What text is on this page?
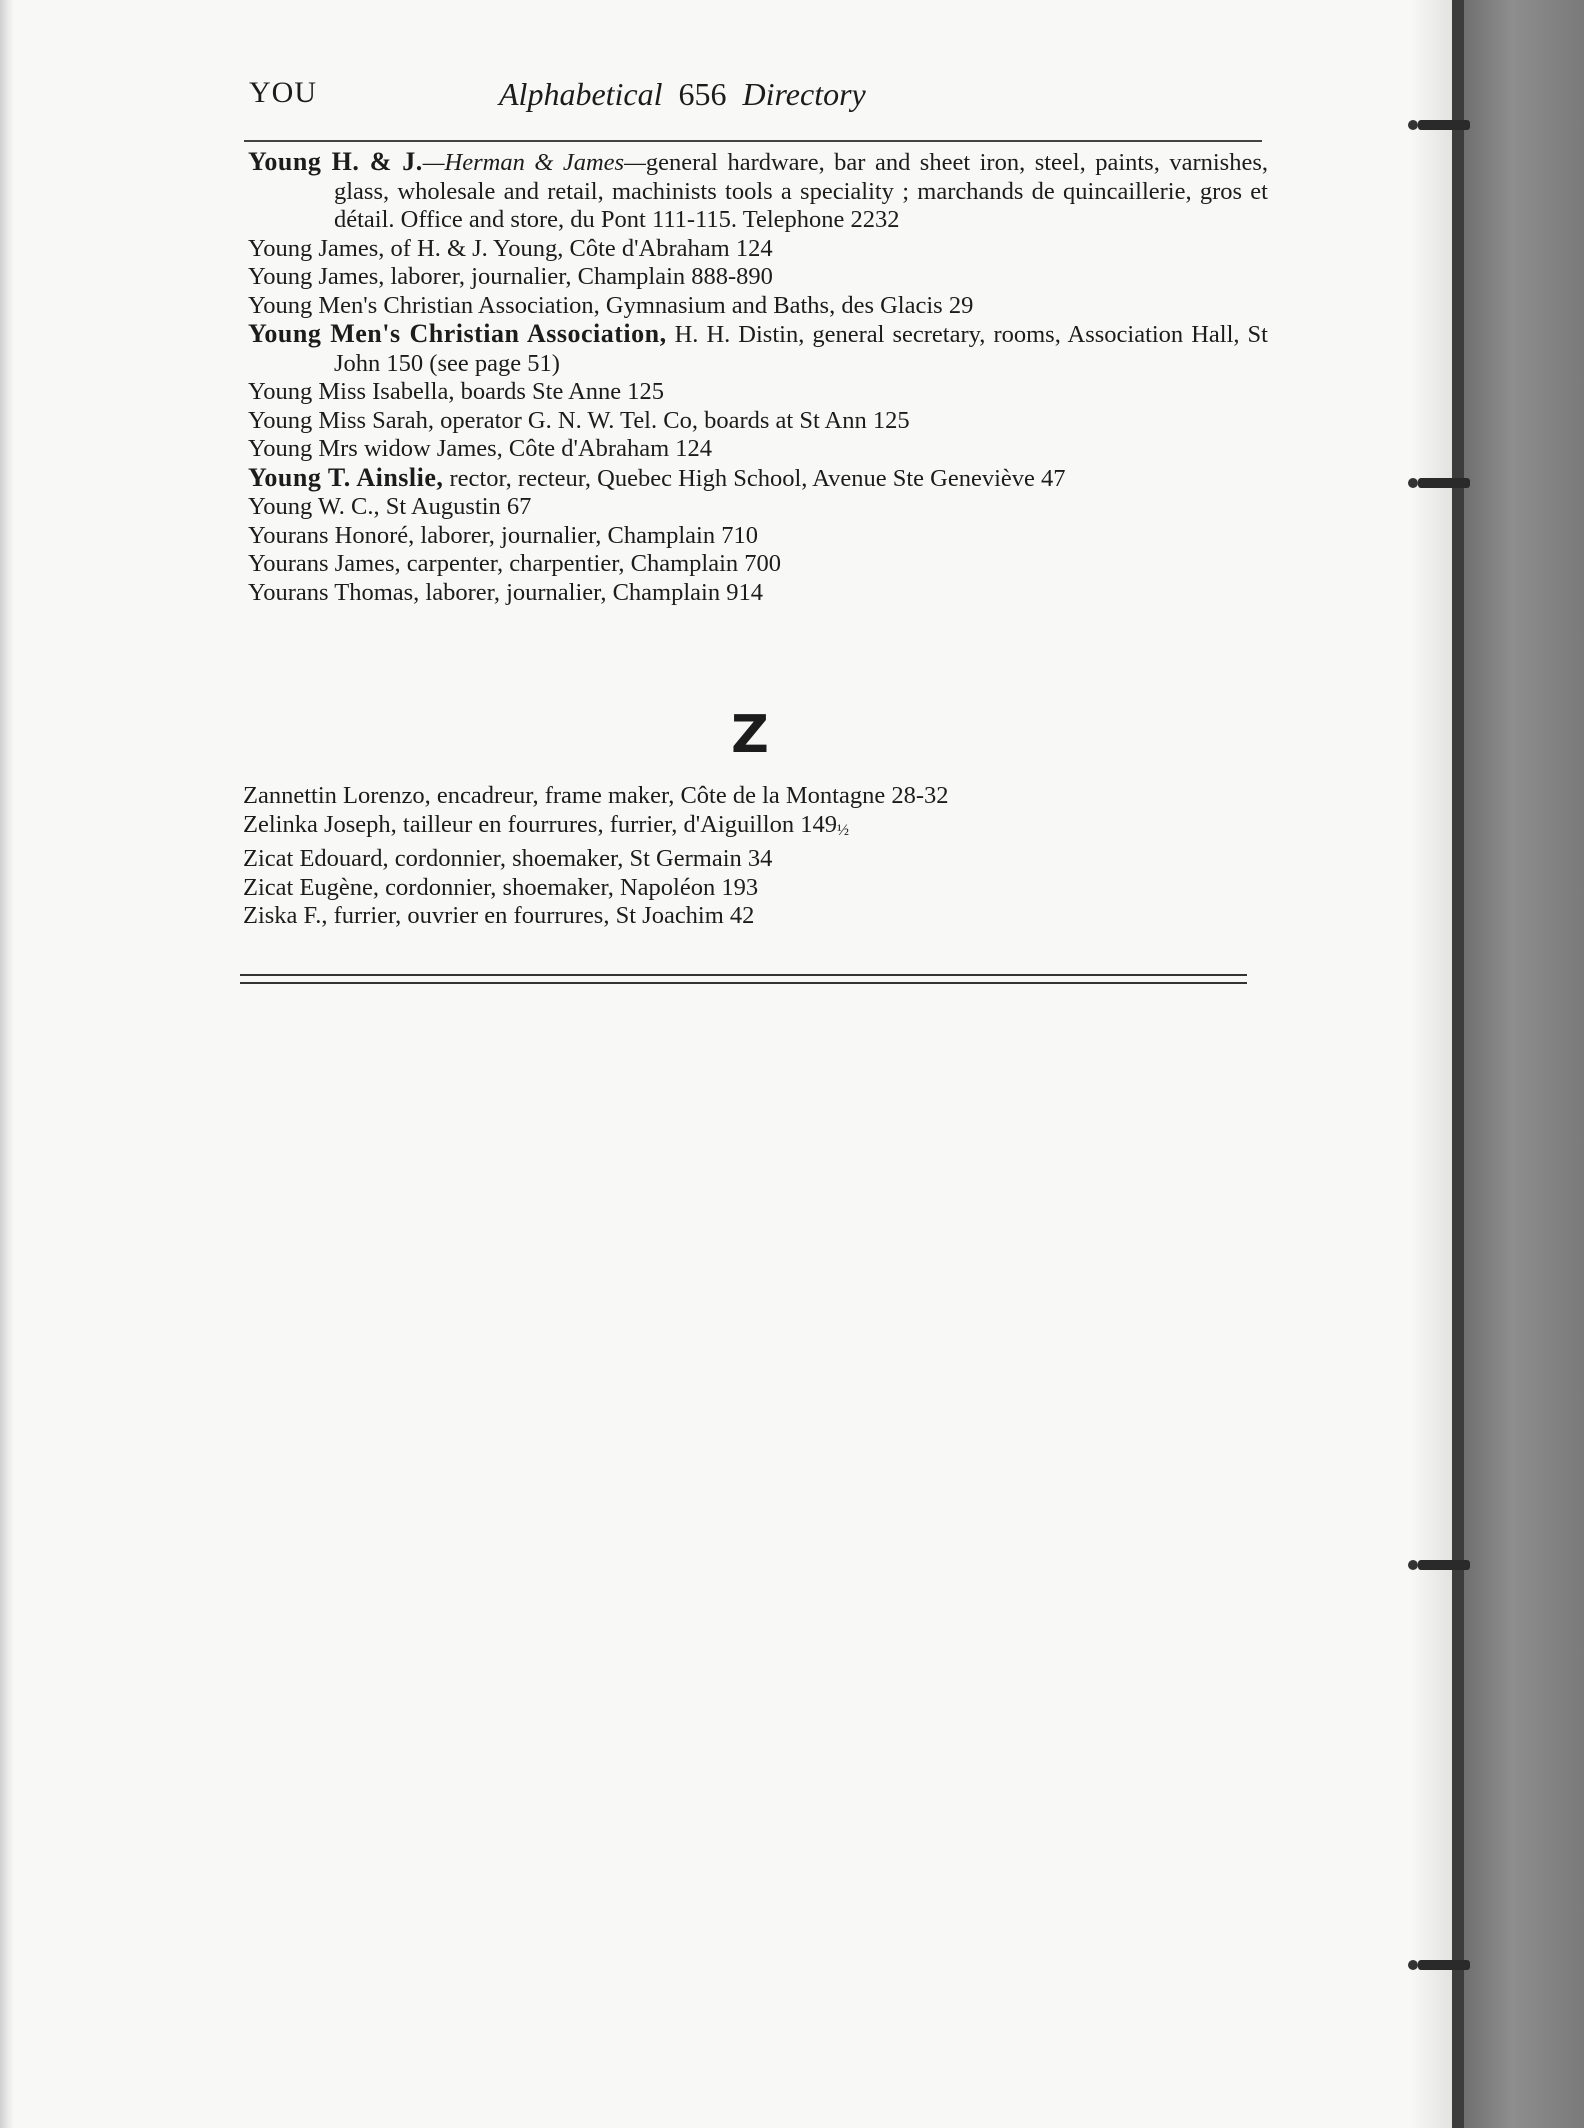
YOU	Alphabetical 656 Directory

Young H. & J.—Herman & James—general hardware, bar and sheet iron, steel, paints, varnishes, glass, wholesale and retail, machinists tools a speciality ; marchands de quincaillerie, gros et détail. Office and store, du Pont 111-115. Telephone 2232

Young James, of H. & J. Young, Côte d'Abraham 124

Young James, laborer, journalier, Champlain 888-890

Young Men's Christian Association, Gymnasium and Baths, des Glacis 29

Young Men's Christian Association, H. H. Distin, general secretary, rooms, Association Hall, St John 150 (see page 51)

Young Miss Isabella, boards Ste Anne 125

Young Miss Sarah, operator G. N. W. Tel. Co, boards at St Ann 125

Young Mrs widow James, Côte d'Abraham 124

Young T. Ainslie, rector, recteur, Quebec High School, Avenue Ste Geneviève 47

Young W. C., St Augustin 67

Yourans Honoré, laborer, journalier, Champlain 710

Yourans James, carpenter, charpentier, Champlain 700

Yourans Thomas, laborer, journalier, Champlain 914

Z

Zannettin Lorenzo, encadreur, frame maker, Côte de la Montagne 28-32

Zelinka Joseph, tailleur en fourrures, furrier, d'Aiguillon 149½

Zicat Edouard, cordonnier, shoemaker, St Germain 34

Zicat Eugène, cordonnier, shoemaker, Napoléon 193

Ziska F., furrier, ouvrier en fourrures, St Joachim 42
